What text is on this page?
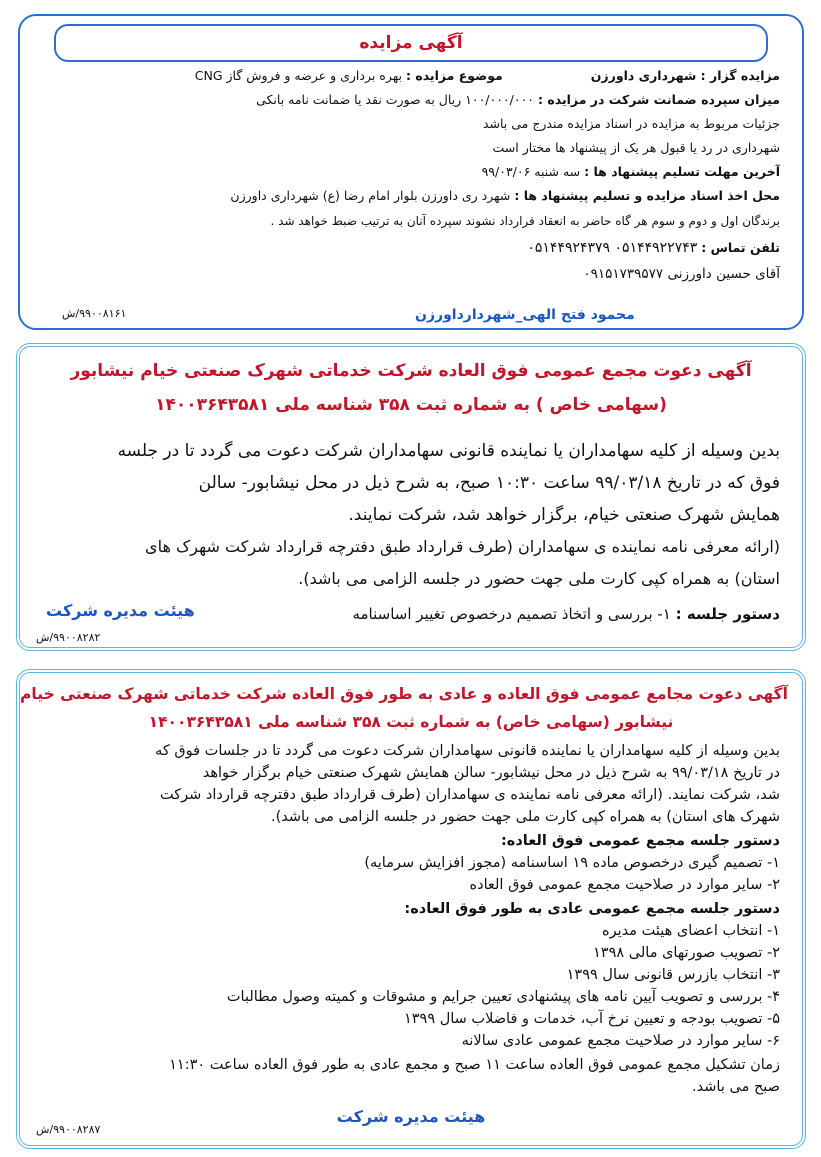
آگهی مزایده
مزایده گزار : شهرداری داورزن  موضوع مزایده : بهره برداری و عرضه و فروش گاز CNG
میزان سپرده ضمانت شرکت در مزایده : ۱۰۰/۰۰۰/۰۰۰ ریال به صورت نقد یا ضمانت نامه بانکی
جزئیات مربوط به مزایده در اسناد مزایده مندرج می باشد
شهرداری در رد یا قبول هر یک از پیشنهاد ها مختار است
آخرین مهلت تسلیم پیشنهاد ها : سه شنبه ۹۹/۰۳/۰۶
محل اخذ اسناد مزایده و تسلیم پیشنهاد ها : شهرد ری داورزن بلوار امام رضا (ع) شهرداری داورزن
برندگان اول و دوم و سوم هر گاه حاضر به انعقاد قرارداد نشوند سپرده آنان به ترتیب ضبط خواهد شد .
تلفن تماس : ۰۵۱۴۴۹۲۲۷۴۳ ۰۵۱۴۴۹۲۴۳۷۹
آقای حسین داورزنی ۰۹۱۵۱۷۳۹۵۷۷
محمود فتح الهی_شهردارداورزن
۹۹۰۰۸۱۶۱/ش
آگهی دعوت مجمع عمومی فوق العاده شرکت خدماتی شهرک صنعتی خیام نیشابور
(سهامی خاص ) به شماره ثبت ۳۵۸ شناسه ملی ۱۴۰۰۳۶۴۳۵۸۱
بدین وسیله از کلیه سهامداران یا نماینده قانونی سهامداران شرکت دعوت می گردد تا در جلسه
فوق که در تاریخ ۹۹/۰۳/۱۸ ساعت ۱۰:۳۰ صبح، به شرح ذیل در محل نیشابور- سالن
همایش شهرک صنعتی خیام، برگزار خواهد شد، شرکت نمایند.
(ارائه معرفی نامه نماینده ی سهامداران (طرف قرارداد طبق دفترچه قرارداد شرکت شهرک های
استان) به همراه کپی کارت ملی جهت حضور در جلسه الزامی می باشد).
دستور جلسه : ۱- بررسی و اتخاذ تصمیم درخصوص تغییر اساسنامه
هیئت مدیره شرکت
۹۹۰۰۸۲۸۲/ش
آگهی دعوت مجامع عمومی فوق العاده و عادی به طور فوق العاده شرکت خدماتی شهرک صنعتی خیام
نیشابور (سهامی خاص) به شماره ثبت ۳۵۸ شناسه ملی ۱۴۰۰۳۶۴۳۵۸۱
بدین وسیله از کلیه سهامداران یا نماینده قانونی سهامداران شرکت دعوت می گردد تا در جلسات فوق که
در تاریخ ۹۹/۰۳/۱۸ به شرح ذیل در محل نیشابور- سالن همایش شهرک صنعتی خیام برگزار خواهد
شد، شرکت نمایند. (ارائه معرفی نامه نماینده ی سهامداران (طرف قرارداد طبق دفترچه قرارداد شرکت
شهرک های استان) به همراه کپی کارت ملی جهت حضور در جلسه الزامی می باشد).
دستور جلسه مجمع عمومی فوق العاده:
۱- تصمیم گیری درخصوص ماده ۱۹ اساسنامه (مجوز افزایش سرمایه)
۲- سایر موارد در صلاحیت مجمع عمومی فوق العاده
دستور جلسه مجمع عمومی عادی به طور فوق العاده:
۱- انتخاب اعضای هیئت مدیره
۲- تصویب صورتهای مالی ۱۳۹۸
۳- انتخاب بازرس قانونی سال ۱۳۹۹
۴- بررسی و تصویب آیین نامه های پیشنهادی تعیین جرایم و مشوقات و کمیته وصول مطالبات
۵- تصویب بودجه و تعیین نرخ آب، خدمات و فاضلاب سال ۱۳۹۹
۶- سایر موارد در صلاحیت مجمع عمومی عادی سالانه
زمان تشکیل مجمع عمومی فوق العاده ساعت ۱۱ صبح و مجمع عادی به طور فوق العاده ساعت ۱۱:۳۰
صبح می باشد.
هیئت مدیره شرکت
۹۹۰۰۸۲۸۷/ش
